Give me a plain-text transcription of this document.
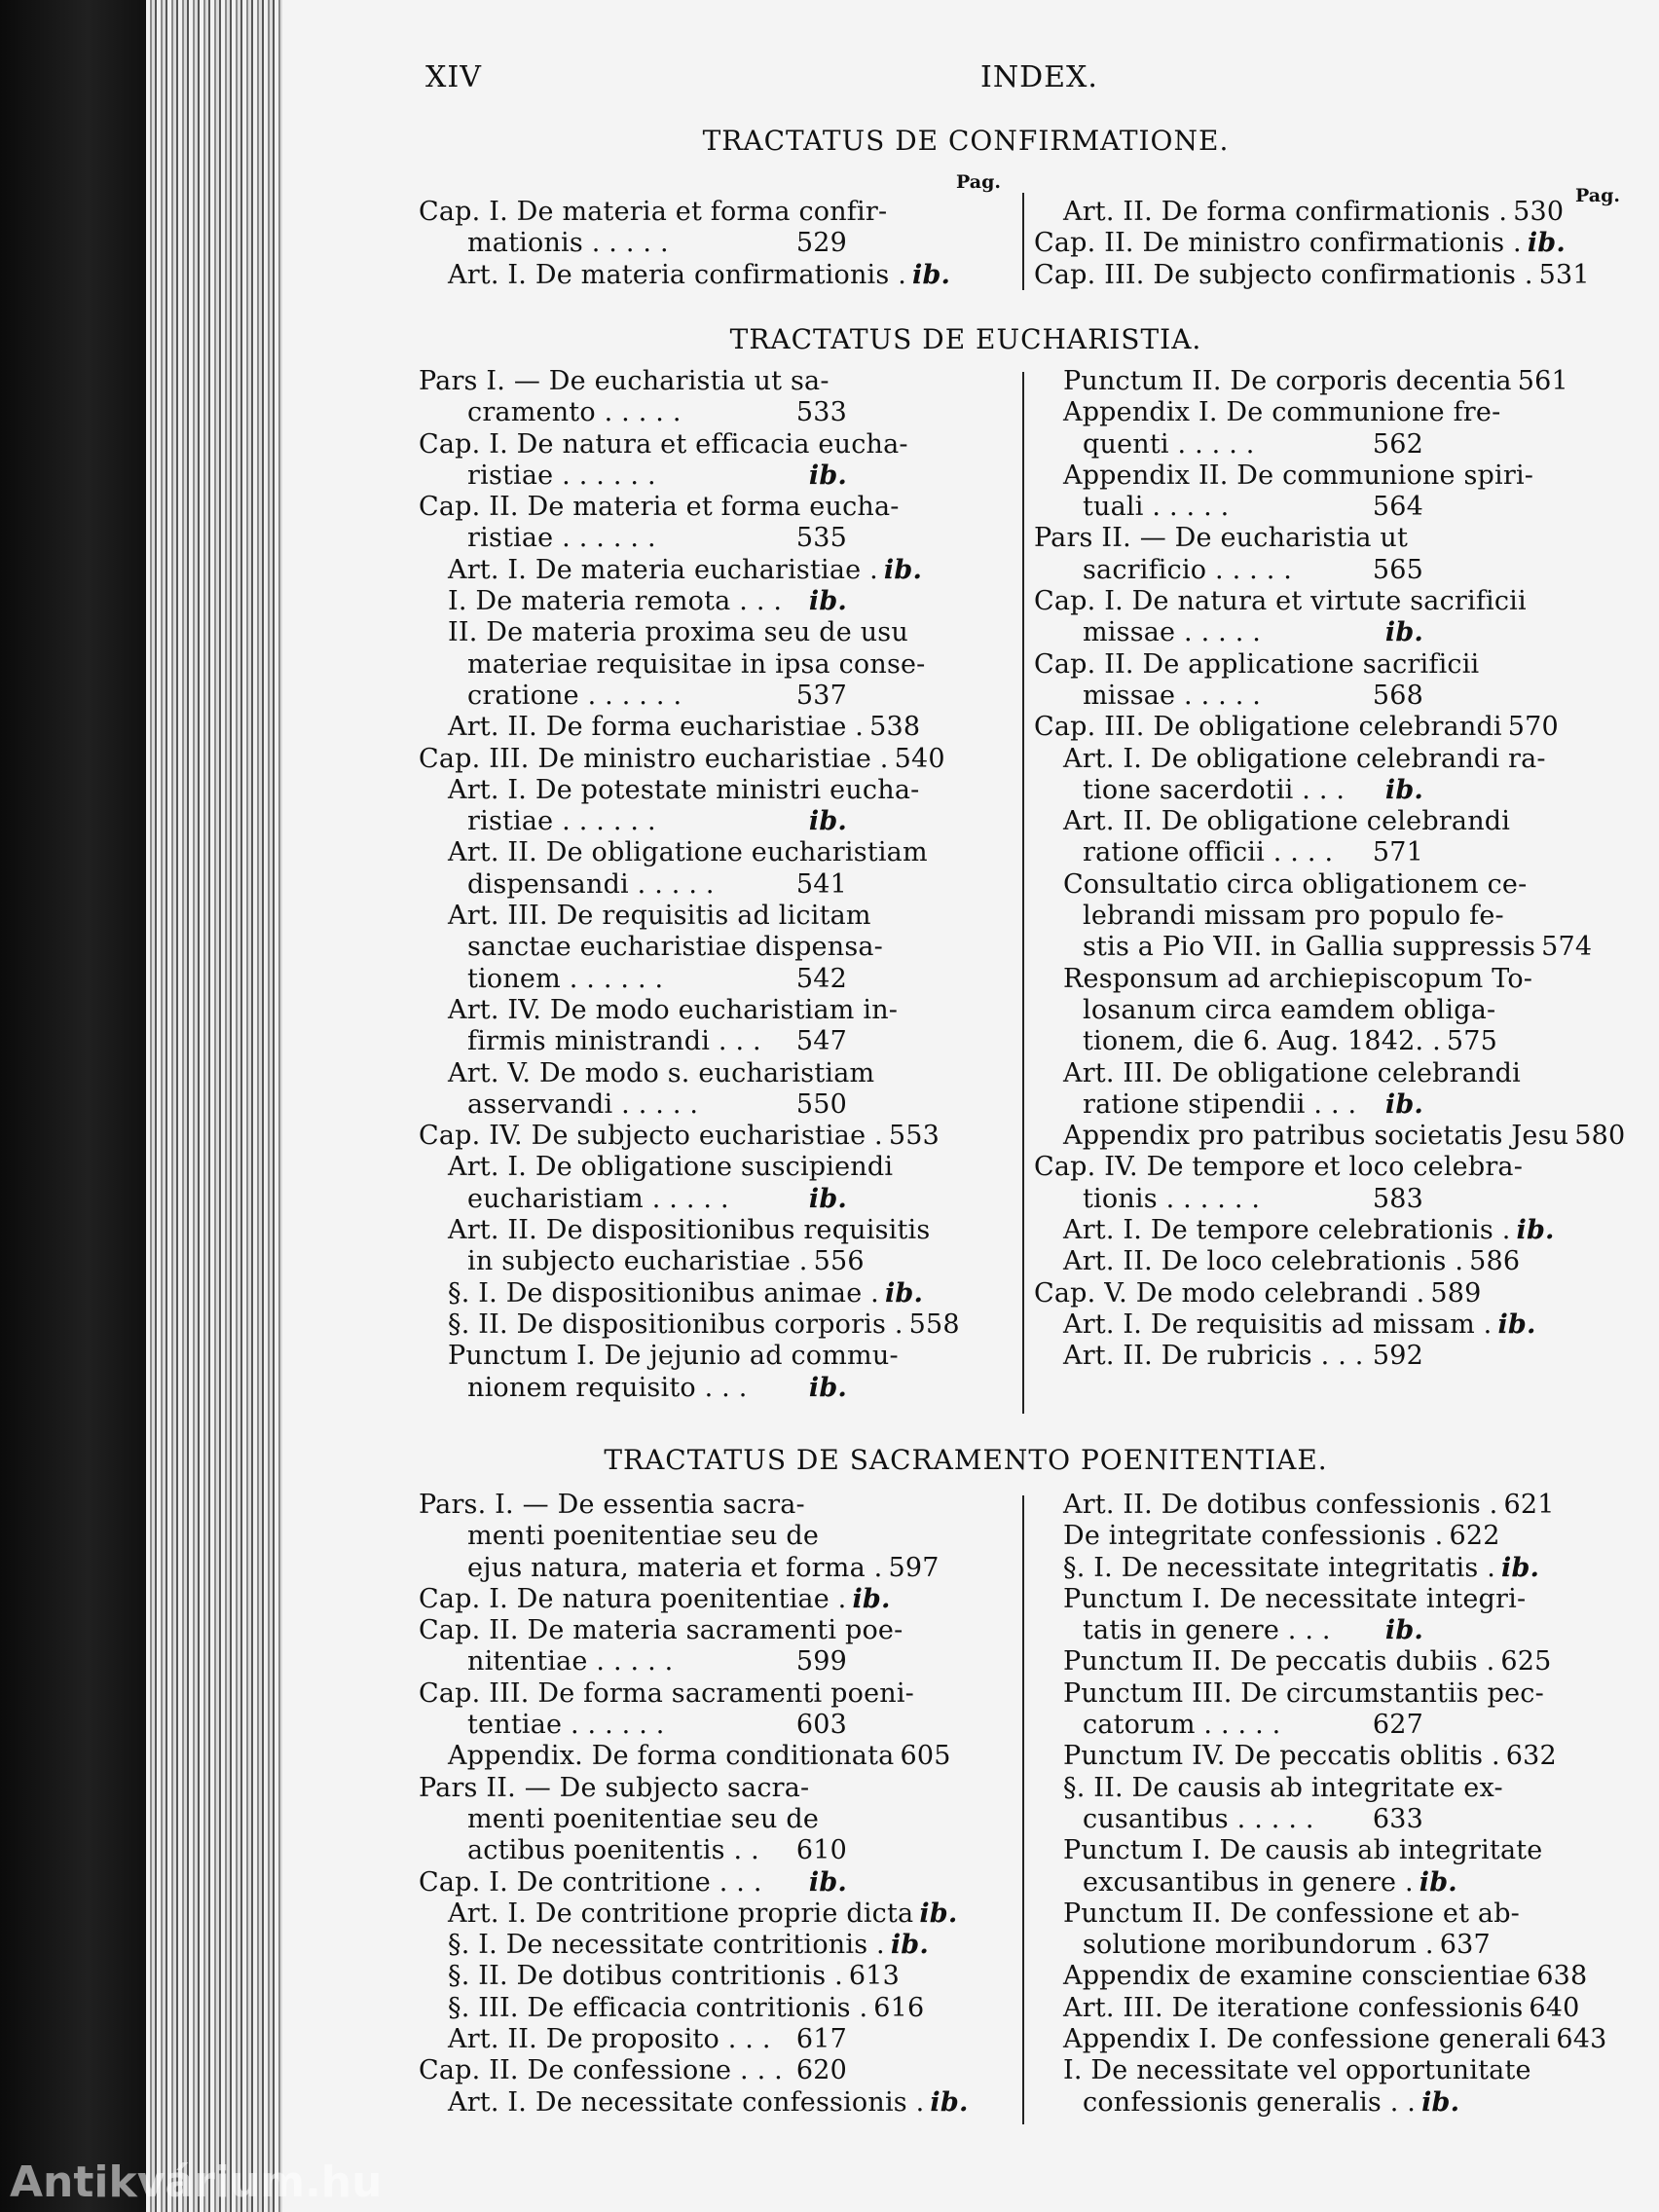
XIV	INDEX.
TRACTATUS DE CONFIRMATIONE.
Pag.
Pag.
Cap. I. De materia et forma confir-
mationis . . . . .	529
Art. I. De materia confirmationis . ib.
Art. II. De forma confirmationis . 530
Cap. II. De ministro confirmationis . ib.
Cap. III. De subjecto confirmationis . 531
TRACTATUS DE EUCHARISTIA.
Pars I. — De eucharistia ut sa-
cramento . . . . .	533
Cap. I. De natura et efficacia eucha-
ristiae . . . . . .	ib.
Cap. II. De materia et forma eucha-
ristiae . . . . . .	535
Art. I. De materia eucharistiae . ib.
I. De materia remota . . .	ib.
II. De materia proxima seu de usu
materiae requisitae in ipsa conse-
cratione . . . . . .	537
Art. II. De forma eucharistiae . 538
Cap. III. De ministro eucharistiae . 540
Art. I. De potestate ministri eucha-
ristiae . . . . . .	ib.
Art. II. De obligatione eucharistiam
dispensandi . . . . .	541
Art. III. De requisitis ad licitam
sanctae eucharistiae dispensa-
tionem . . . . . .	542
Art. IV. De modo eucharistiam in-
firmis ministrandi . . .	547
Art. V. De modo s. eucharistiam
asservandi . . . . .	550
Cap. IV. De subjecto eucharistiae . 553
Art. I. De obligatione suscipiendi
eucharistiam . . . . .	ib.
Art. II. De dispositionibus requisitis
in subjecto eucharistiae . 556
§. I. De dispositionibus animae . ib.
§. II. De dispositionibus corporis . 558
Punctum I. De jejunio ad commu-
nionem requisito . . .	ib.
Punctum II. De corporis decentia 561
Appendix I. De communione fre-
quenti . . . . .	562
Appendix II. De communione spiri-
tuali . . . . .	564
Pars II. — De eucharistia ut
sacrificio . . . . .	565
Cap. I. De natura et virtute sacrificii
missae . . . . .	ib.
Cap. II. De applicatione sacrificii
missae . . . . .	568
Cap. III. De obligatione celebrandi 570
Art. I. De obligatione celebrandi ra-
tione sacerdotii . . .	ib.
Art. II. De obligatione celebrandi
ratione officii . . . .	571
Consultatio circa obligationem ce-
lebrandi missam pro populo fe-
stis a Pio VII. in Gallia suppressis 574
Responsum ad archiepiscopum To-
losanum circa eamdem obliga-
tionem, die 6. Aug. 1842. . 575
Art. III. De obligatione celebrandi
ratione stipendii . . .	ib.
Appendix pro patribus societatis Jesu 580
Cap. IV. De tempore et loco celebra-
tionis . . . . . .	583
Art. I. De tempore celebrationis . ib.
Art. II. De loco celebrationis . 586
Cap. V. De modo celebrandi . 589
Art. I. De requisitis ad missam . ib.
Art. II. De rubricis . . . 592
TRACTATUS DE SACRAMENTO POENITENTIAE.
Pars. I. — De essentia sacra-
menti poenitentiae seu de
ejus natura, materia et forma . 597
Cap. I. De natura poenitentiae . ib.
Cap. II. De materia sacramenti poe-
nitentiae . . . . .	599
Cap. III. De forma sacramenti poeni-
tentiae . . . . . .	603
Appendix. De forma conditionata 605
Pars II. — De subjecto sacra-
menti poenitentiae seu de
actibus poenitentis . .	610
Cap. I. De contritione . . .	ib.
Art. I. De contritione proprie dicta ib.
§. I. De necessitate contritionis . ib.
§. II. De dotibus contritionis . 613
§. III. De efficacia contritionis . 616
Art. II. De proposito . . . 617
Cap. II. De confessione . . . 620
Art. I. De necessitate confessionis . ib.
Art. II. De dotibus confessionis . 621
De integritate confessionis . 622
§. I. De necessitate integritatis . ib.
Punctum I. De necessitate integri-
tatis in genere . . .	ib.
Punctum II. De peccatis dubiis . 625
Punctum III. De circumstantiis pec-
catorum . . . . .	627
Punctum IV. De peccatis oblitis . 632
§. II. De causis ab integritate ex-
cusantibus . . . . .	633
Punctum I. De causis ab integritate
excusantibus in genere . ib.
Punctum II. De confessione et ab-
solutione moribundorum . 637
Appendix de examine conscientiae 638
Art. III. De iteratione confessionis 640
Appendix I. De confessione generali 643
I. De necessitate vel opportunitate
confessionis generalis . . ib.
Antikvárium.hu
